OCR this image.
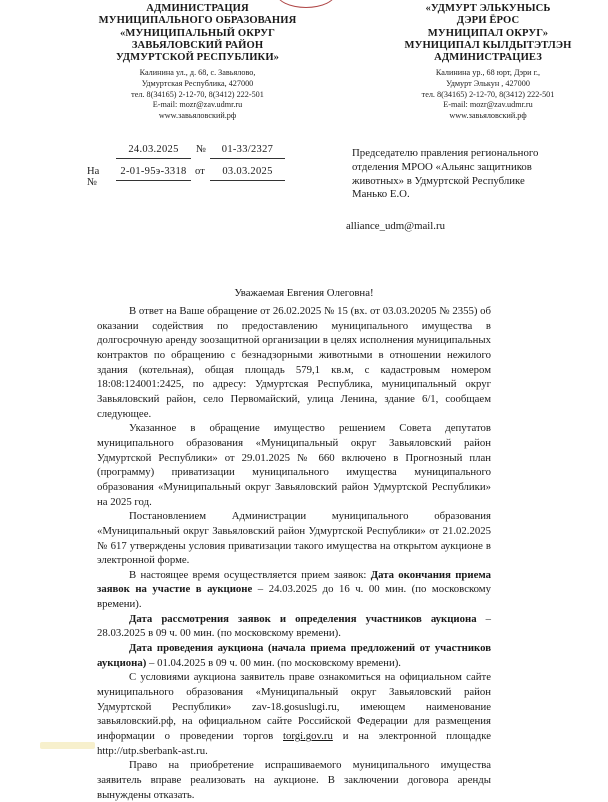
АДМИНИСТРАЦИЯ
МУНИЦИПАЛЬНОГО ОБРАЗОВАНИЯ
«МУНИЦИПАЛЬНЫЙ ОКРУГ
ЗАВЬЯЛОВСКИЙ РАЙОН
УДМУРТСКОЙ РЕСПУБЛИКИ»
Калинина ул., д. 68, с. Завьялово,
Удмуртская Республика, 427000
тел. 8(34165) 2-12-70, 8(3412) 222-501
E-mail: mozr@zav.udmr.ru
www.завьяловский.рф
«УДМУРТ ЭЛЬКУНЫСЬ
ДЭРИ ЁРОС
МУНИЦИПАЛ ОКРУГ»
МУНИЦИПАЛ КЫЛДЫТЭТЛЭН
АДМИНИСТРАЦИЕЗ
Калинина ур., 68 юрт, Дэри г.,
Удмурт Элькун , 427000
тел. 8(34165) 2-12-70, 8(3412) 222-501
E-mail: mozr@zav.udmr.ru
www.завьяловский.рф
24.03.2025	№	01-33/2327
На №
2-01-95э-3318 от	03.03.2025
Председателю правления регионального
отделения МРОО «Альянс защитников
животных» в Удмуртской Республике
Манько Е.О.
alliance_udm@mail.ru
Уважаемая Евгения Олеговна!

В ответ на Ваше обращение от 26.02.2025 № 15 (вх. от 03.03.20205 № 2355) об оказании содействия по предоставлению муниципального имущества в долгосрочную аренду зоозащитной организации в целях исполнения муниципальных контрактов по обращению с безнадзорными животными в отношении нежилого здания (котельная), общая площадь 579,1 кв.м, с кадастровым номером 18:08:124001:2425, по адресу: Удмуртская Республика, муниципальный округ Завьяловский район, село Первомайский, улица Ленина, здание 6/1, сообщаем следующее.

Указанное в обращение имущество решением Совета депутатов муниципального образования «Муниципальный округ Завьяловский район Удмуртской Республики» от 29.01.2025 № 660 включено в Прогнозный план (программу) приватизации муниципального имущества муниципального образования «Муниципальный округ Завьяловский район Удмуртской Республики» на 2025 год.

Постановлением Администрации муниципального образования «Муниципальный округ Завьяловский район Удмуртской Республики» от 21.02.2025 № 617 утверждены условия приватизации такого имущества на открытом аукционе в электронной форме.

В настоящее время осуществляется прием заявок: Дата окончания приема заявок на участие в аукционе – 24.03.2025 до 16 ч. 00 мин. (по московскому времени).

Дата рассмотрения заявок и определения участников аукциона – 28.03.2025 в 09 ч. 00 мин. (по московскому времени).

Дата проведения аукциона (начала приема предложений от участников аукциона) – 01.04.2025 в 09 ч. 00 мин. (по московскому времени).

С условиями аукциона заявитель праве ознакомиться на официальном сайте муниципального образования «Муниципальный округ Завьяловский район Удмуртской Республики» zav-18.gosuslugi.ru, имеющем наименование завьяловский.рф, на официальном сайте Российской Федерации для размещения информации о проведении торгов torgi.gov.ru и на электронной площадке http://utp.sberbank-ast.ru.

Право на приобретение испрашиваемого муниципального имущества заявитель вправе реализовать на аукционе. В заключении договора аренды вынуждены отказать.
